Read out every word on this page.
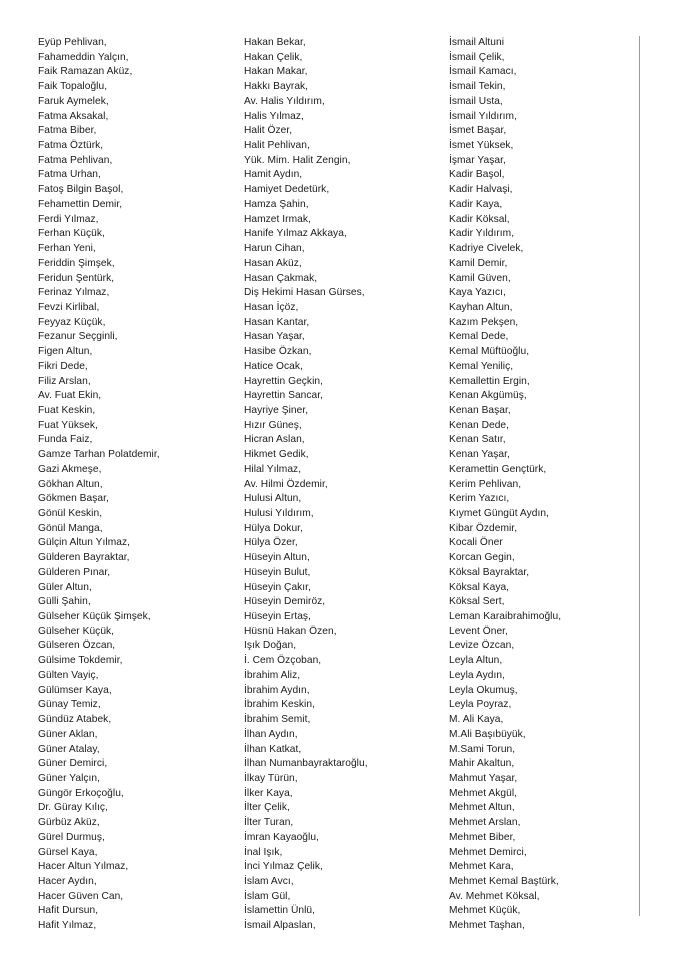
Eyüp Pehlivan,
Fahameddin Yalçın,
Faik Ramazan Aküz,
Faik Topaloğlu,
Faruk Aymelek,
Fatma Aksakal,
Fatma Biber,
Fatma Öztürk,
Fatma Pehlivan,
Fatma Urhan,
Fatoş Bilgin Başol,
Fehamettin Demir,
Ferdi Yılmaz,
Ferhan Küçük,
Ferhan Yeni,
Feriddin Şimşek,
Feridun Şentürk,
Ferinaz Yılmaz,
Fevzi Kirlibal,
Feyyaz Küçük,
Fezanur Seçginli,
Figen Altun,
Fikri Dede,
Filiz Arslan,
Av. Fuat Ekin,
Fuat Keskin,
Fuat Yüksek,
Funda Faiz,
Gamze Tarhan Polatdemir,
Gazi Akmeşe,
Gökhan Altun,
Gökmen Başar,
Gönül Keskin,
Gönül Manga,
Gülçin Altun Yılmaz,
Gülderen Bayraktar,
Gülderen Pınar,
Güler Altun,
Gülli Şahin,
Gülseher Küçük Şimşek,
Gülseher Küçük,
Gülseren Özcan,
Gülsime Tokdemir,
Gülten Vayiç,
Gülümser Kaya,
Günay Temiz,
Gündüz Atabek,
Güner Aklan,
Güner Atalay,
Güner Demirci,
Güner Yalçın,
Güngör Erkoçoğlu,
Dr. Güray Kılıç,
Gürbüz Aküz,
Gürel Durmuş,
Gürsel Kaya,
Hacer Altun Yılmaz,
Hacer Aydın,
Hacer Güven Can,
Hafit Dursun,
Hafit Yılmaz,
Hakan Bekar,
Hakan Çelik,
Hakan Makar,
Hakkı Bayrak,
Av. Halis Yıldırım,
Halis Yılmaz,
Halit Özer,
Halit Pehlivan,
Yük. Mim. Halit Zengin,
Hamit Aydın,
Hamiyet Dedetürk,
Hamza Şahin,
Hamzet Irmak,
Hanife Yılmaz Akkaya,
Harun Cihan,
Hasan Aküz,
Hasan Çakmak,
Diş Hekimi Hasan Gürses,
Hasan İçöz,
Hasan Kantar,
Hasan Yaşar,
Hasibe Özkan,
Hatice Ocak,
Hayrettin Geçkin,
Hayrettin Sancar,
Hayriye Şiner,
Hızır Güneş,
Hicran Aslan,
Hikmet Gedik,
Hilal Yılmaz,
Av. Hilmi Özdemir,
Hulusi Altun,
Hulusi Yıldırım,
Hülya Dokur,
Hülya Özer,
Hüseyin Altun,
Hüseyin Bulut,
Hüseyin Çakır,
Hüseyin Demiröz,
Hüseyin Ertaş,
Hüsnü Hakan Özen,
Işık Doğan,
İ. Cem Özçoban,
İbrahim Aliz,
İbrahim Aydın,
İbrahim Keskin,
İbrahim Semit,
İlhan Aydın,
İlhan Katkat,
İlhan Numanbayraktaroğlu,
İlkay Türün,
İlker Kaya,
İlter Çelik,
İlter Turan,
İmran Kayaoğlu,
İnal Işık,
İnci Yılmaz Çelik,
İslam Avcı,
İslam Gül,
İslamettin Ünlü,
İsmail Alpaslan,
İsmail Altuni
İsmail Çelik,
İsmail Kamacı,
İsmail Tekin,
İsmail Usta,
İsmail Yıldırım,
İsmet Başar,
İsmet Yüksek,
İşmar Yaşar,
Kadir Başol,
Kadir Halvaşi,
Kadir Kaya,
Kadir Köksal,
Kadir Yıldırım,
Kadriye Civelek,
Kamil Demir,
Kamil Güven,
Kaya Yazıcı,
Kayhan Altun,
Kazım Pekşen,
Kemal Dede,
Kemal Müftüoğlu,
Kemal Yeniliç,
Kemallettin Ergin,
Kenan Akgümüş,
Kenan Başar,
Kenan Dede,
Kenan Satır,
Kenan Yaşar,
Keramettin Gençtürk,
Kerim Pehlivan,
Kerim Yazıcı,
Kıymet Güngüt Aydın,
Kibar Özdemir,
Kocali Öner
Korcan Gegin,
Köksal Bayraktar,
Köksal Kaya,
Köksal Sert,
Leman Karaibrahimoğlu,
Levent Öner,
Levize Özcan,
Leyla Altun,
Leyla Aydın,
Leyla Okumuş,
Leyla Poyraz,
M. Ali Kaya,
M.Ali Başıbüyük,
M.Sami Torun,
Mahir Akaltun,
Mahmut Yaşar,
Mehmet Akgül,
Mehmet Altun,
Mehmet Arslan,
Mehmet Biber,
Mehmet Demirci,
Mehmet Kara,
Mehmet Kemal Baştürk,
Av. Mehmet Köksal,
Mehmet Küçük,
Mehmet Taşhan,
